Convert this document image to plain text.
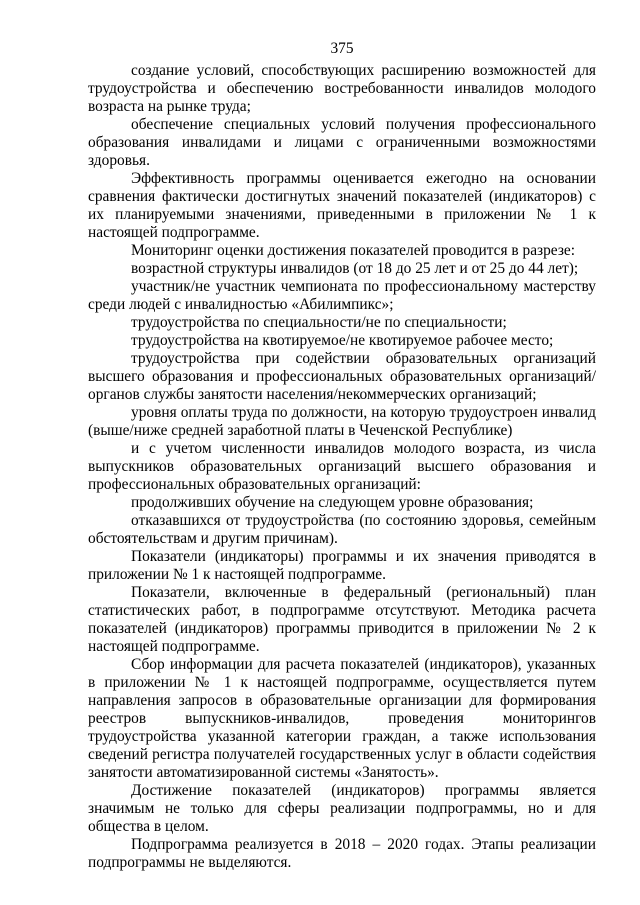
375

создание условий, способствующих расширению возможностей для трудоустройства и обеспечению востребованности инвалидов молодого возраста на рынке труда;

обеспечение специальных условий получения профессионального образования инвалидами и лицами с ограниченными возможностями здоровья.

Эффективность программы оценивается ежегодно на основании сравнения фактически достигнутых значений показателей (индикаторов) с их планируемыми значениями, приведенными в приложении № 1 к настоящей подпрограмме.

Мониторинг оценки достижения показателей проводится в разрезе:

возрастной структуры инвалидов (от 18 до 25 лет и от 25 до 44 лет);

участник/не участник чемпионата по профессиональному мастерству среди людей с инвалидностью «Абилимпикс»;

трудоустройства по специальности/не по специальности;

трудоустройства на квотируемое/не квотируемое рабочее место;

трудоустройства при содействии образовательных организаций высшего образования и профессиональных образовательных организаций/органов службы занятости населения/некоммерческих организаций;

уровня оплаты труда по должности, на которую трудоустроен инвалид (выше/ниже средней заработной платы в Чеченской Республике)

и с учетом численности инвалидов молодого возраста, из числа выпускников образовательных организаций высшего образования и профессиональных образовательных организаций:

продолживших обучение на следующем уровне образования;

отказавшихся от трудоустройства (по состоянию здоровья, семейным обстоятельствам и другим причинам).

Показатели (индикаторы) программы и их значения приводятся в приложении № 1 к настоящей подпрограмме.

Показатели, включенные в федеральный (региональный) план статистических работ, в подпрограмме отсутствуют. Методика расчета показателей (индикаторов) программы приводится в приложении № 2 к настоящей подпрограмме.

Сбор информации для расчета показателей (индикаторов), указанных в приложении № 1 к настоящей подпрограмме, осуществляется путем направления запросов в образовательные организации для формирования реестров выпускников-инвалидов, проведения мониторингов трудоустройства указанной категории граждан, а также использования сведений регистра получателей государственных услуг в области содействия занятости автоматизированной системы «Занятость».

Достижение показателей (индикаторов) программы является значимым не только для сферы реализации подпрограммы, но и для общества в целом.

Подпрограмма реализуется в 2018 – 2020 годах. Этапы реализации подпрограммы не выделяются.
